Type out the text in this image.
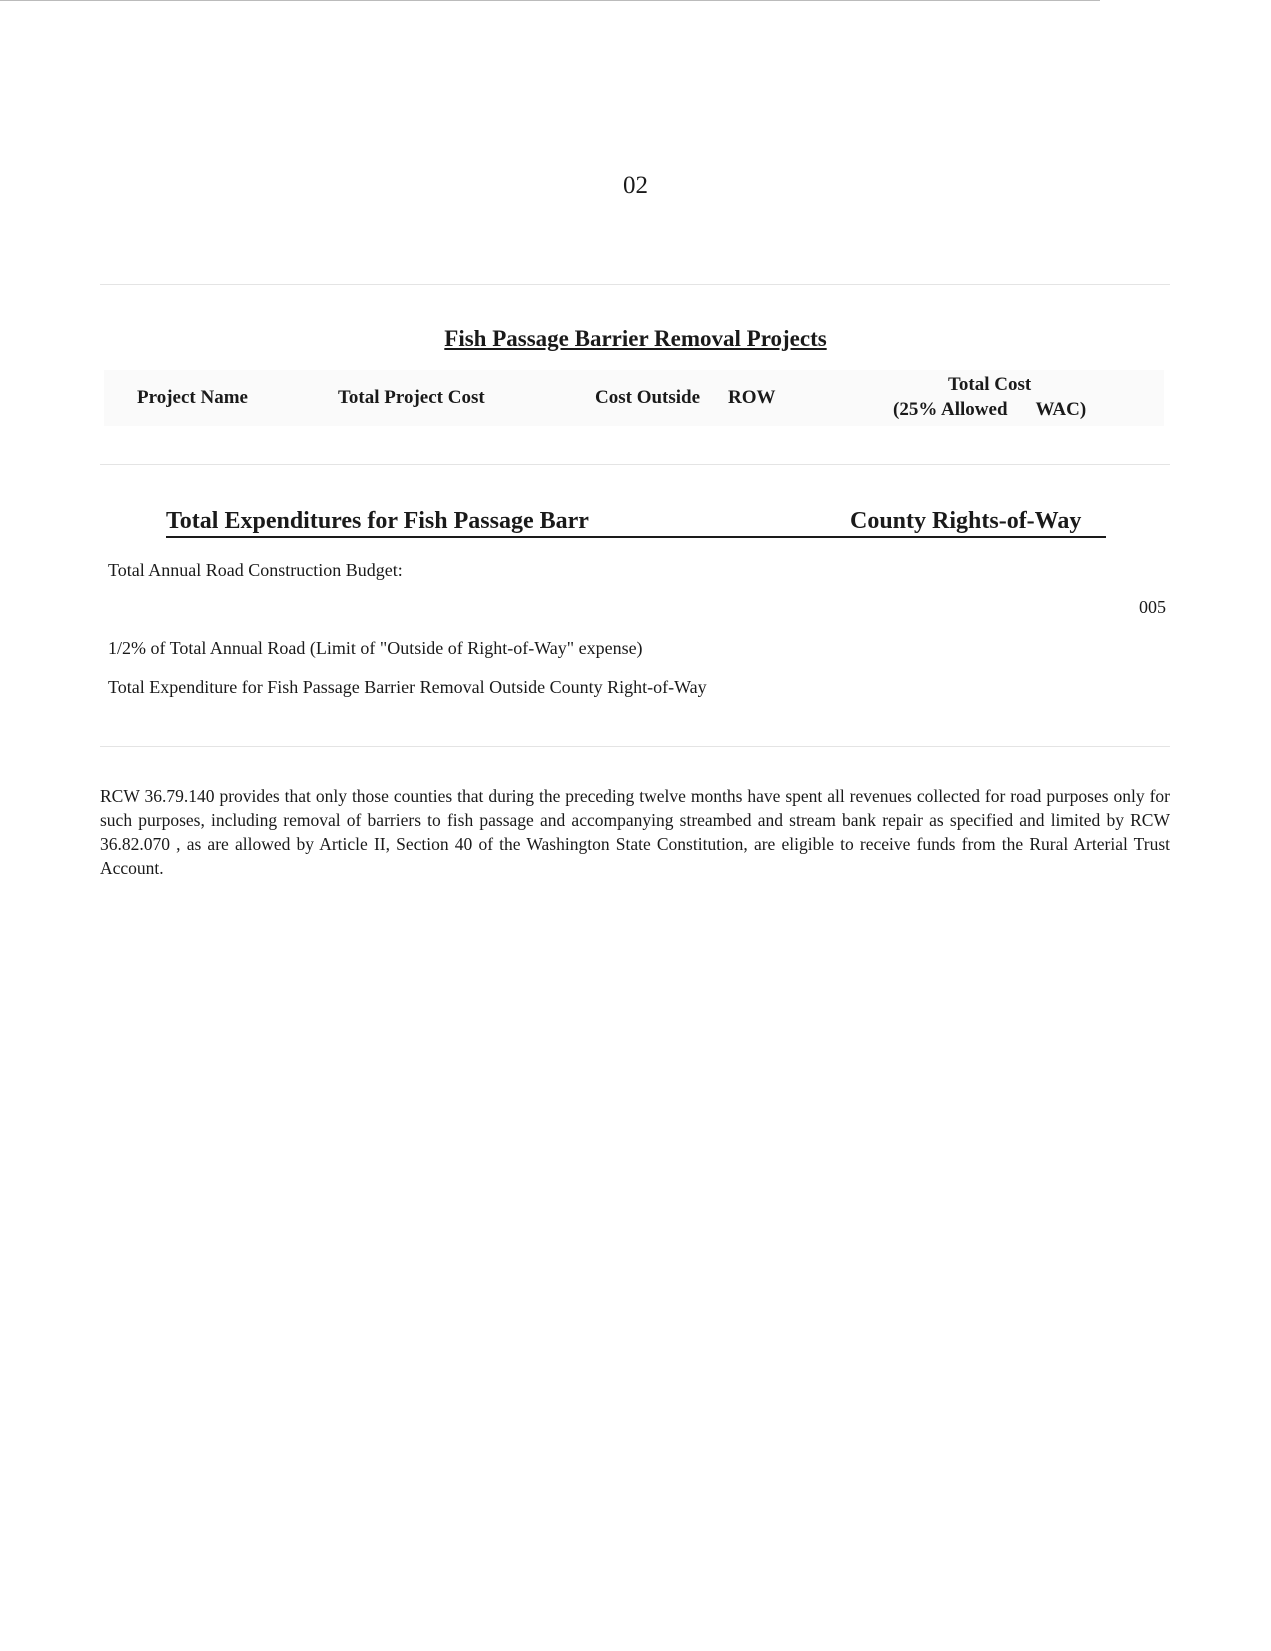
02
Fish Passage Barrier Removal Projects
Project Name	Total Project Cost	Cost Outside ROW
Total Cost
(25% Allowed WAC)
Total Expenditures for Fish Passage Barr	County Rights-of-Way
Total Annual Road Construction Budget:
005
1/2% of Total Annual Road (Limit of "Outside of Right-of-Way" expense)
Total Expenditure for Fish Passage Barrier Removal Outside County Right-of-Way
RCW 36.79.140 provides that only those counties that during the preceding twelve months have spent all revenues collected for road purposes only for such purposes, including removal of barriers to fish passage and accompanying streambed and stream bank repair as specified and limited by RCW 36.82.070 , as are allowed by Article II, Section 40 of the Washington State Constitution, are eligible to receive funds from the Rural Arterial Trust Account.
